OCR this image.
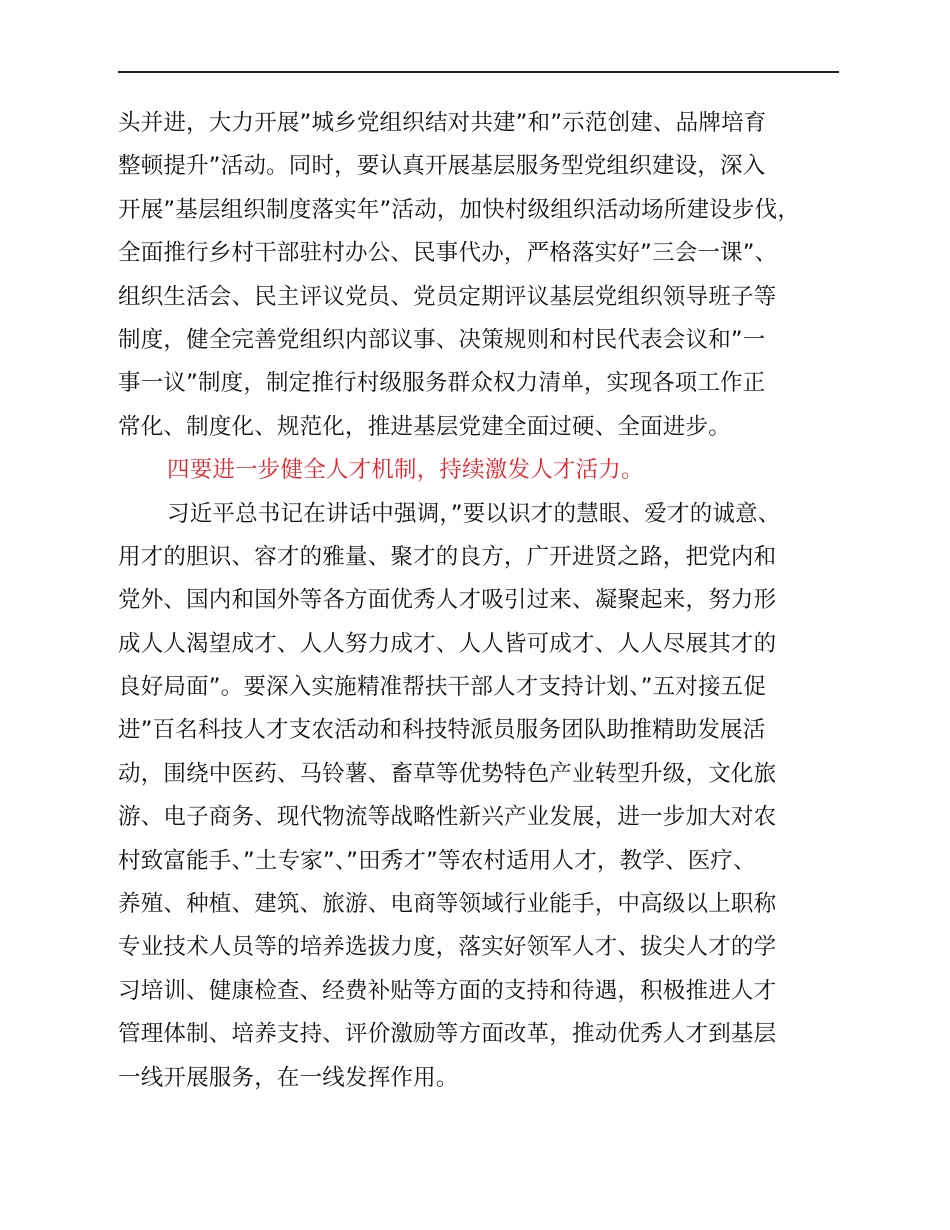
头并进，大力开展”城乡党组织结对共建”和”示范创建、品牌培育
整顿提升”活动。同时，要认真开展基层服务型党组织建设，深入
开展”基层组织制度落实年”活动，加快村级组织活动场所建设步伐，
全面推行乡村干部驻村办公、民事代办，严格落实好”三会一课”、
组织生活会、民主评议党员、党员定期评议基层党组织领导班子等
制度，健全完善党组织内部议事、决策规则和村民代表会议和”一
事一议”制度，制定推行村级服务群众权力清单，实现各项工作正
常化、制度化、规范化，推进基层党建全面过硬、全面进步。
四要进一步健全人才机制，持续激发人才活力。
习近平总书记在讲话中强调，”要以识才的慧眼、爱才的诚意、
用才的胆识、容才的雅量、聚才的良方，广开进贤之路，把党内和
党外、国内和国外等各方面优秀人才吸引过来、凝聚起来，努力形
成人人渴望成才、人人努力成才、人人皆可成才、人人尽展其才的
良好局面”。要深入实施精准帮扶干部人才支持计划、”五对接五促
进”百名科技人才支农活动和科技特派员服务团队助推精助发展活
动，围绕中医药、马铃薯、畜草等优势特色产业转型升级，文化旅
游、电子商务、现代物流等战略性新兴产业发展，进一步加大对农
村致富能手、”土专家”、”田秀才”等农村适用人才，教学、医疗、
养殖、种植、建筑、旅游、电商等领域行业能手，中高级以上职称
专业技术人员等的培养选拔力度，落实好领军人才、拔尖人才的学
习培训、健康检查、经费补贴等方面的支持和待遇，积极推进人才
管理体制、培养支持、评价激励等方面改革，推动优秀人才到基层
一线开展服务，在一线发挥作用。
